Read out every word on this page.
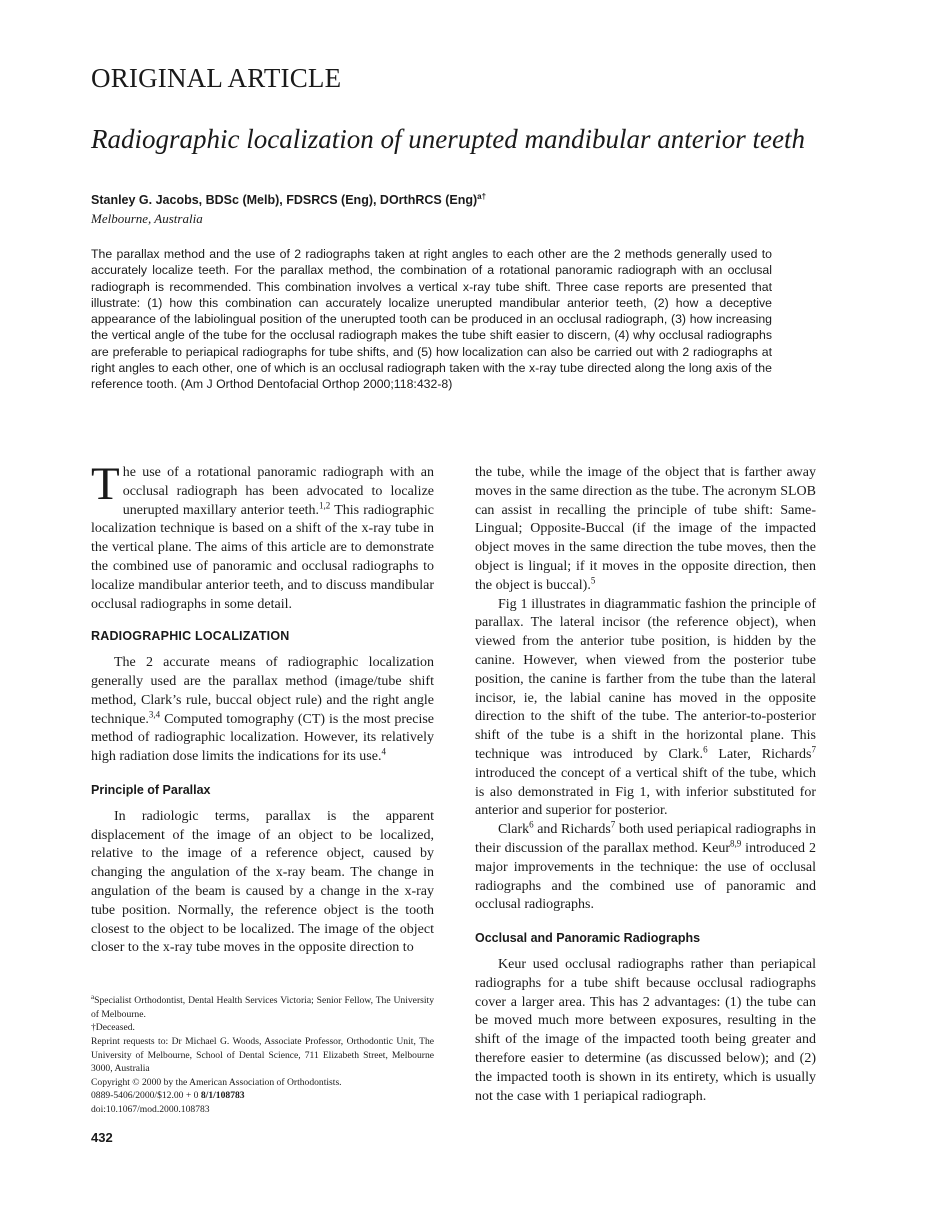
ORIGINAL ARTICLE
Radiographic localization of unerupted mandibular anterior teeth
Stanley G. Jacobs, BDSc (Melb), FDSRCS (Eng), DOrthRCS (Eng)$^{a\dagger}$
Melbourne, Australia
The parallax method and the use of 2 radiographs taken at right angles to each other are the 2 methods generally used to accurately localize teeth. For the parallax method, the combination of a rotational panoramic radiograph with an occlusal radiograph is recommended. This combination involves a vertical x-ray tube shift. Three case reports are presented that illustrate: (1) how this combination can accurately localize unerupted mandibular anterior teeth, (2) how a deceptive appearance of the labiolingual position of the unerupted tooth can be produced in an occlusal radiograph, (3) how increasing the vertical angle of the tube for the occlusal radiograph makes the tube shift easier to discern, (4) why occlusal radiographs are preferable to periapical radiographs for tube shifts, and (5) how localization can also be carried out with 2 radiographs at right angles to each other, one of which is an occlusal radiograph taken with the x-ray tube directed along the long axis of the reference tooth. (Am J Orthod Dentofacial Orthop 2000;118:432-8)

The use of a rotational panoramic radiograph with an occlusal radiograph has been advocated to localize unerupted maxillary anterior teeth.$^{1,2}$ This radiographic localization technique is based on a shift of the x-ray tube in the vertical plane. The aims of this article are to demonstrate the combined use of panoramic and occlusal radiographs to localize mandibular anterior teeth, and to discuss mandibular occlusal radiographs in some detail.

RADIOGRAPHIC LOCALIZATION

The 2 accurate means of radiographic localization generally used are the parallax method (image/tube shift method, Clark’s rule, buccal object rule) and the right angle technique.$^{3,4}$ Computed tomography (CT) is the most precise method of radiographic localization. However, its relatively high radiation dose limits the indications for its use.$^4$

Principle of Parallax

In radiologic terms, parallax is the apparent displacement of the image of an object to be localized, relative to the image of a reference object, caused by changing the angulation of the x-ray beam. The change in angulation of the beam is caused by a change in the x-ray tube position. Normally, the reference object is the tooth closest to the object to be localized. The image of the object closer to the x-ray tube moves in the opposite direction to

the tube, while the image of the object that is farther away moves in the same direction as the tube. The acronym SLOB can assist in recalling the principle of tube shift: Same-Lingual; Opposite-Buccal (if the image of the impacted object moves in the same direction the tube moves, then the object is lingual; if it moves in the opposite direction, then the object is buccal).$^5$

Fig 1 illustrates in diagrammatic fashion the principle of parallax. The lateral incisor (the reference object), when viewed from the anterior tube position, is hidden by the canine. However, when viewed from the posterior tube position, the canine is farther from the tube than the lateral incisor, ie, the labial canine has moved in the opposite direction to the shift of the tube. The anterior-to-posterior shift of the tube is a shift in the horizontal plane. This technique was introduced by Clark.$^6$ Later, Richards$^7$ introduced the concept of a vertical shift of the tube, which is also demonstrated in Fig 1, with inferior substituted for anterior and superior for posterior.

Clark$^6$ and Richards$^7$ both used periapical radiographs in their discussion of the parallax method. Keur$^{8,9}$ introduced 2 major improvements in the technique: the use of occlusal radiographs and the combined use of panoramic and occlusal radiographs.

Occlusal and Panoramic Radiographs

Keur used occlusal radiographs rather than periapical radiographs for a tube shift because occlusal radiographs cover a larger area. This has 2 advantages: (1) the tube can be moved much more between exposures, resulting in the shift of the image of the impacted tooth being greater and therefore easier to determine (as discussed below); and (2) the impacted tooth is shown in its entirety, which is usually not the case with 1 periapical radiograph.

$^a$Specialist Orthodontist, Dental Health Services Victoria; Senior Fellow, The University of Melbourne.
†Deceased.
Reprint requests to: Dr Michael G. Woods, Associate Professor, Orthodontic Unit, The University of Melbourne, School of Dental Science, 711 Elizabeth Street, Melbourne 3000, Australia
Copyright © 2000 by the American Association of Orthodontists.
0889-5406/2000/$12.00 + 0 8/1/108783
doi:10.1067/mod.2000.108783
432
